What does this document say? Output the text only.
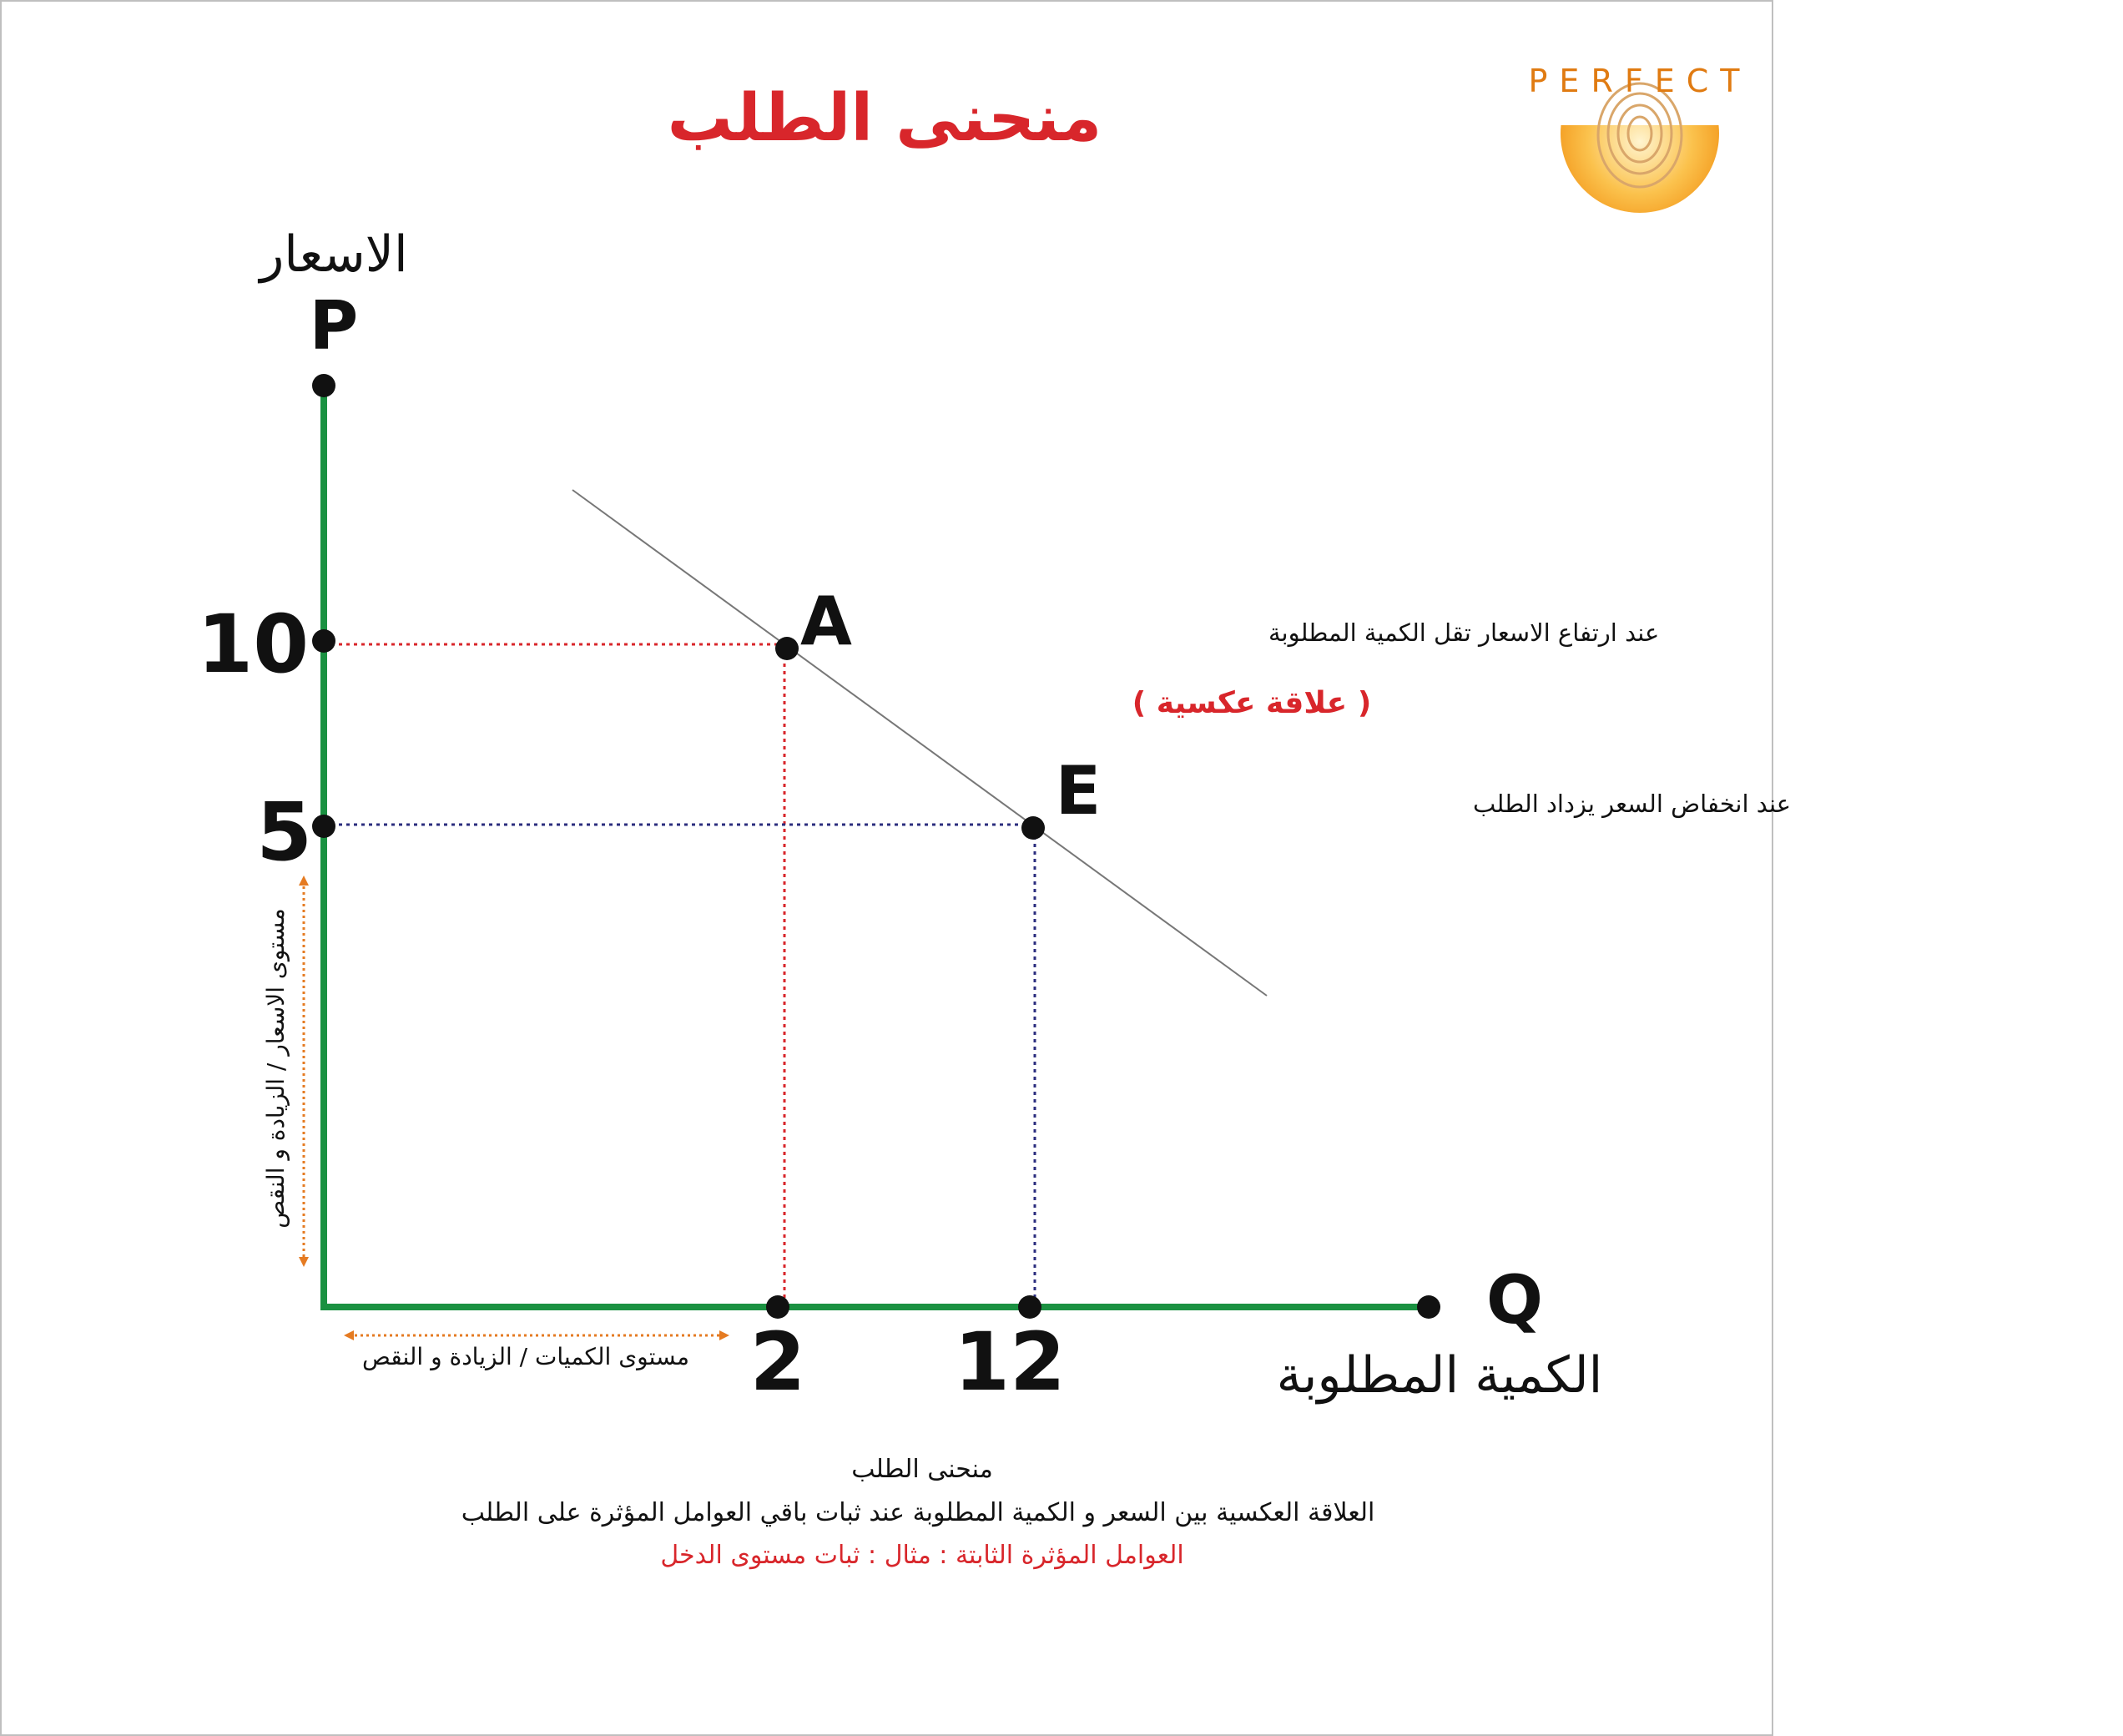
منحنى الطلب	PERFECT
الاسعار
P
Q
الكمية المطلوبة
10
5
2 12
A	عند ارتفاع الاسعار تقل الكمية المطلوبة
( علاقة عكسية )
E	عند انخفاض السعر يزداد الطلب
مستوى الاسعار / الزيادة و النقص
مستوى الكميات / الزيادة و النقص
منحنى الطلب
العلاقة العكسية بين السعر و الكمية المطلوبة عند ثبات باقي العوامل المؤثرة على الطلب
العوامل المؤثرة الثابتة : مثال : ثبات مستوى الدخل
